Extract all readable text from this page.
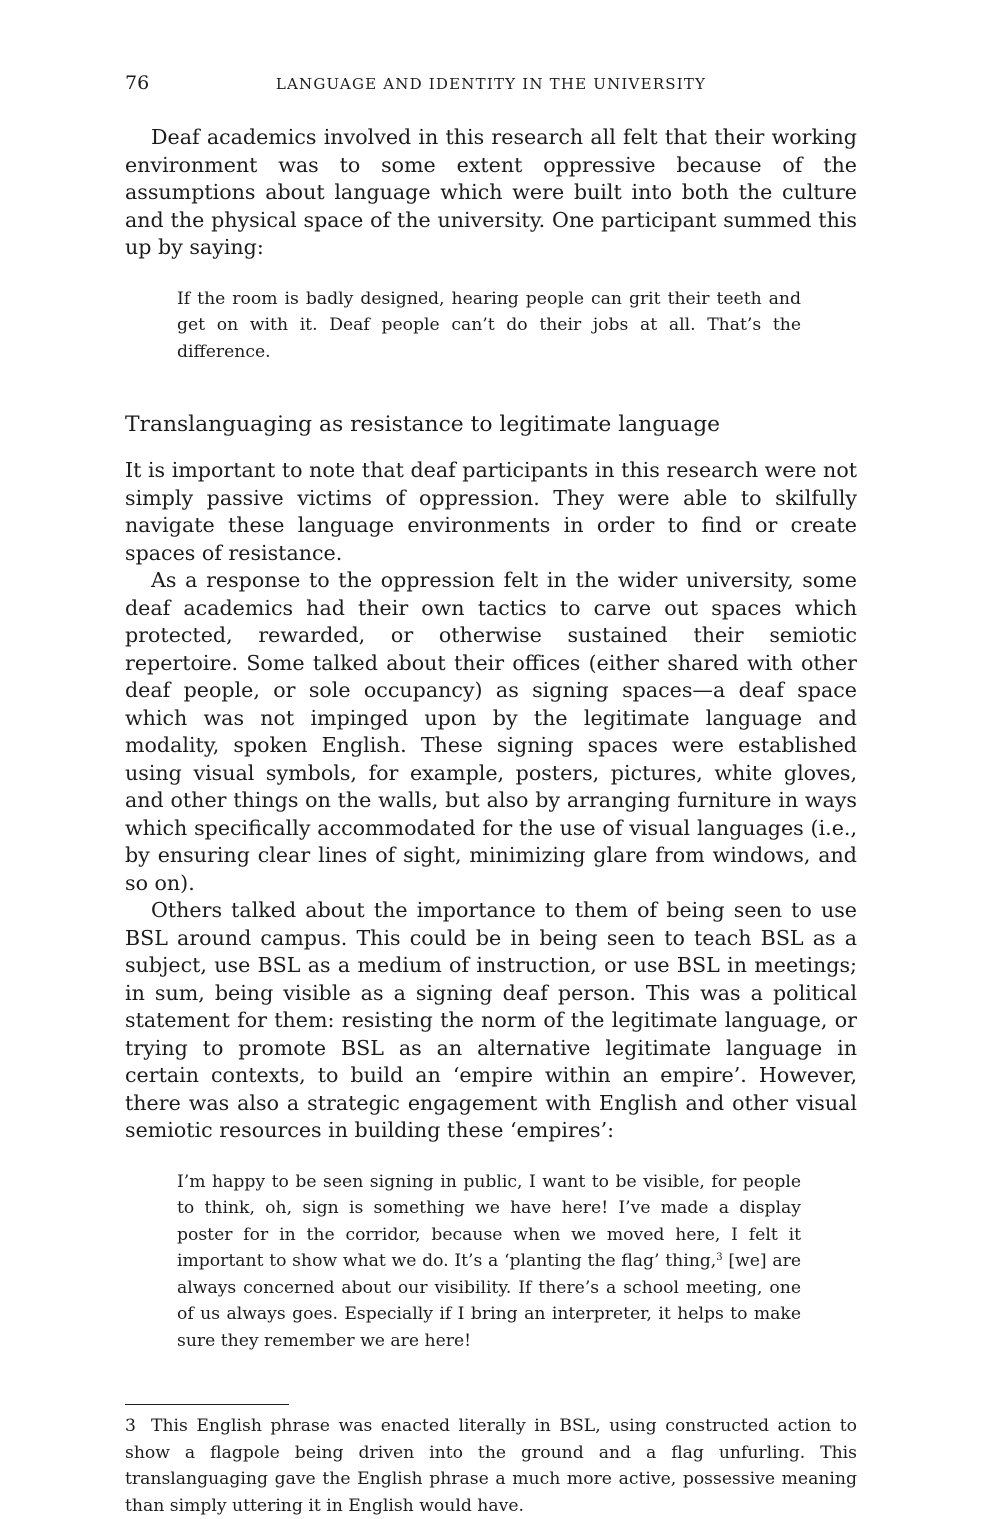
76	LANGUAGE AND IDENTITY IN THE UNIVERSITY

Deaf academics involved in this research all felt that their working environment was to some extent oppressive because of the assumptions about language which were built into both the culture and the physical space of the university. One participant summed this up by saying:

If the room is badly designed, hearing people can grit their teeth and get on with it. Deaf people can’t do their jobs at all. That’s the difference.

Translanguaging as resistance to legitimate language

It is important to note that deaf participants in this research were not simply passive victims of oppression. They were able to skilfully navigate these language environments in order to find or create spaces of resistance.

As a response to the oppression felt in the wider university, some deaf academics had their own tactics to carve out spaces which protected, rewarded, or otherwise sustained their semiotic repertoire. Some talked about their offices (either shared with other deaf people, or sole occupancy) as signing spaces—a deaf space which was not impinged upon by the legitimate language and modality, spoken English. These signing spaces were established using visual symbols, for example, posters, pictures, white gloves, and other things on the walls, but also by arranging furniture in ways which specifically accommodated for the use of visual languages (i.e., by ensuring clear lines of sight, minimizing glare from windows, and so on).

Others talked about the importance to them of being seen to use BSL around campus. This could be in being seen to teach BSL as a subject, use BSL as a medium of instruction, or use BSL in meetings; in sum, being visible as a signing deaf person. This was a political statement for them: resisting the norm of the legitimate language, or trying to promote BSL as an alternative legitimate language in certain contexts, to build an ‘empire within an empire’. However, there was also a strategic engagement with English and other visual semiotic resources in building these ‘empires’:

I’m happy to be seen signing in public, I want to be visible, for people to think, oh, sign is something we have here! I’ve made a display poster for in the corridor, because when we moved here, I felt it important to show what we do. It’s a ‘planting the flag’ thing,$^3$ [we] are always concerned about our visibility. If there’s a school meeting, one of us always goes. Especially if I bring an interpreter, it helps to make sure they remember we are here!

3 This English phrase was enacted literally in BSL, using constructed action to show a flagpole being driven into the ground and a flag unfurling. This translanguaging gave the English phrase a much more active, possessive meaning than simply uttering it in English would have.
